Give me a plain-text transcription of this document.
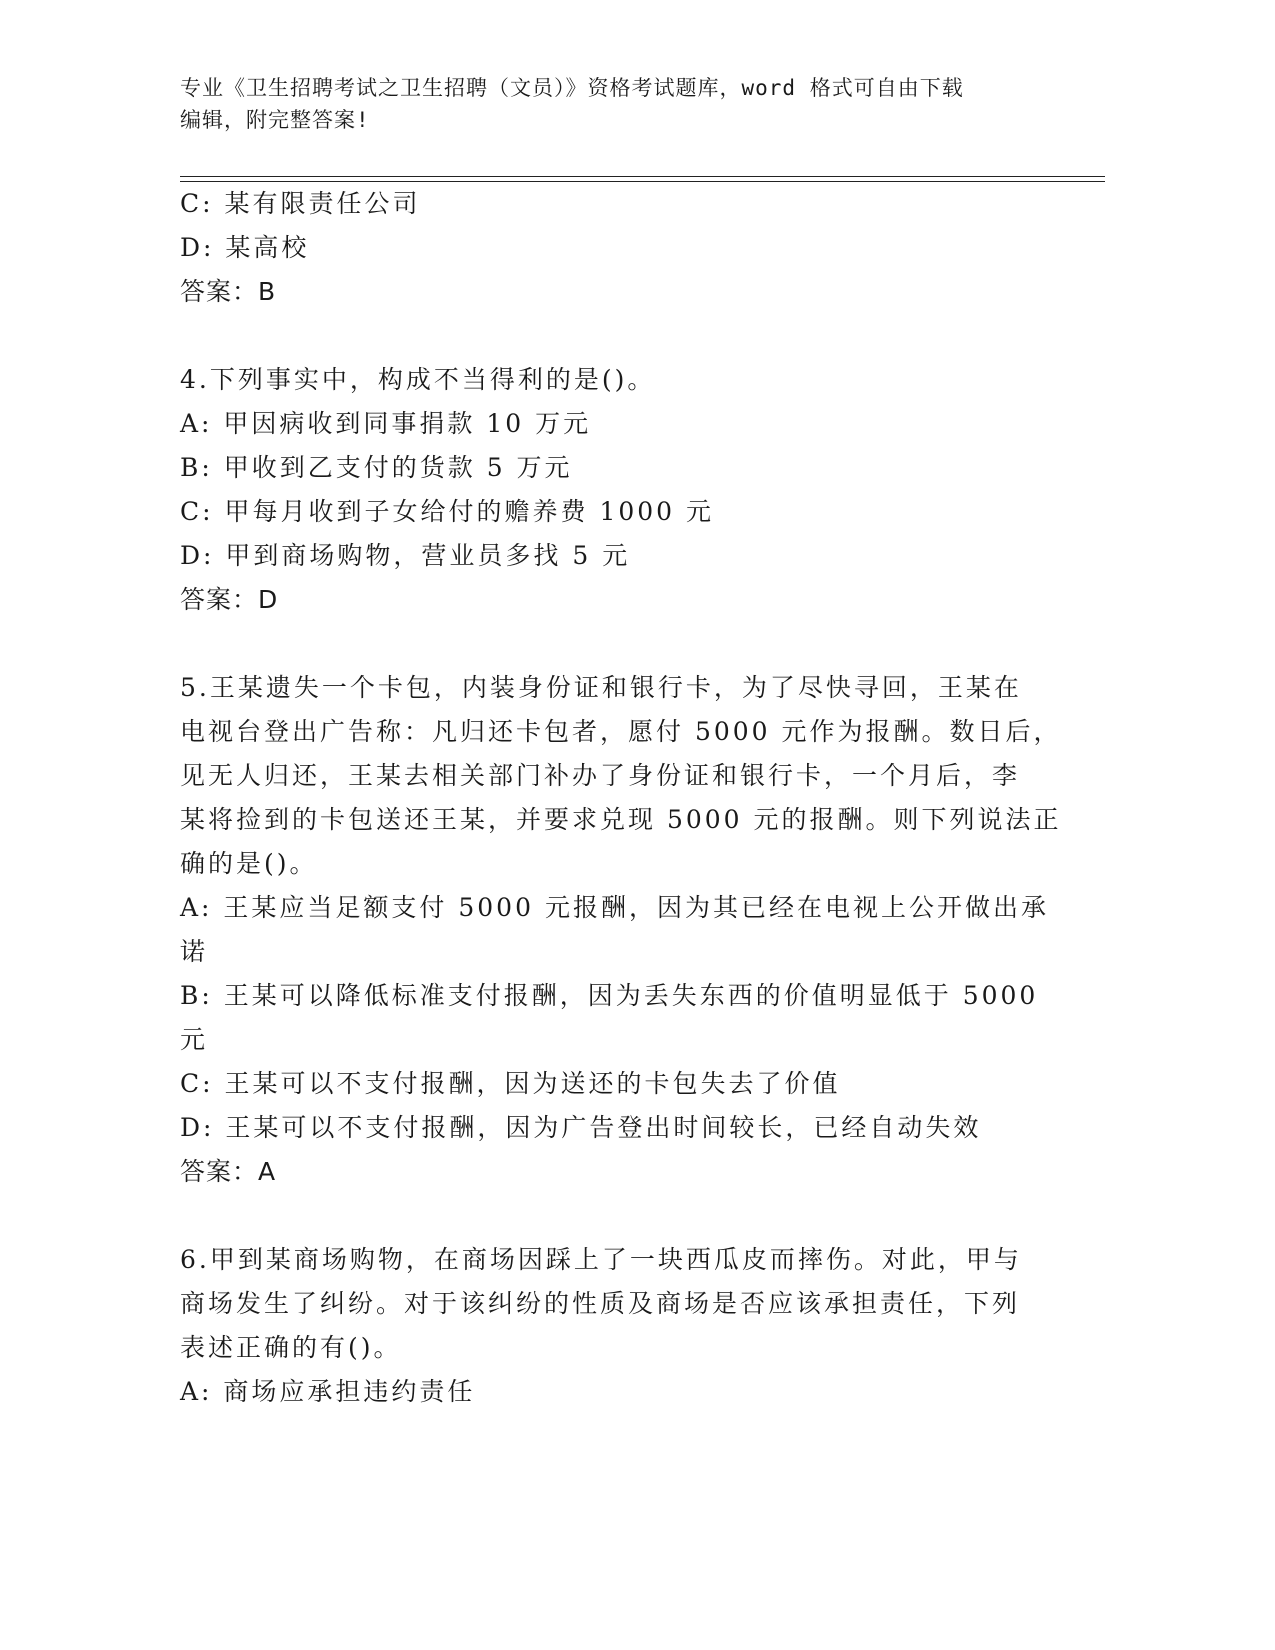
专业《卫生招聘考试之卫生招聘（文员）》资格考试题库，word 格式可自由下载
编辑，附完整答案!
C: 某有限责任公司
D: 某高校
答案：B
4.下列事实中，构成不当得利的是()。
A: 甲因病收到同事捐款 10 万元
B: 甲收到乙支付的货款 5 万元
C: 甲每月收到子女给付的赡养费 1000 元
D: 甲到商场购物，营业员多找 5 元
答案：D
5.王某遗失一个卡包，内装身份证和银行卡，为了尽快寻回，王某在
电视台登出广告称：凡归还卡包者，愿付 5000 元作为报酬。数日后，
见无人归还，王某去相关部门补办了身份证和银行卡，一个月后，李
某将捡到的卡包送还王某，并要求兑现 5000 元的报酬。则下列说法正
确的是()。
A: 王某应当足额支付 5000 元报酬，因为其已经在电视上公开做出承
诺
B: 王某可以降低标准支付报酬，因为丢失东西的价值明显低于 5000
元
C: 王某可以不支付报酬，因为送还的卡包失去了价值
D: 王某可以不支付报酬，因为广告登出时间较长，已经自动失效
答案：A
6.甲到某商场购物，在商场因踩上了一块西瓜皮而摔伤。对此，甲与
商场发生了纠纷。对于该纠纷的性质及商场是否应该承担责任，下列
表述正确的有()。
A: 商场应承担违约责任
